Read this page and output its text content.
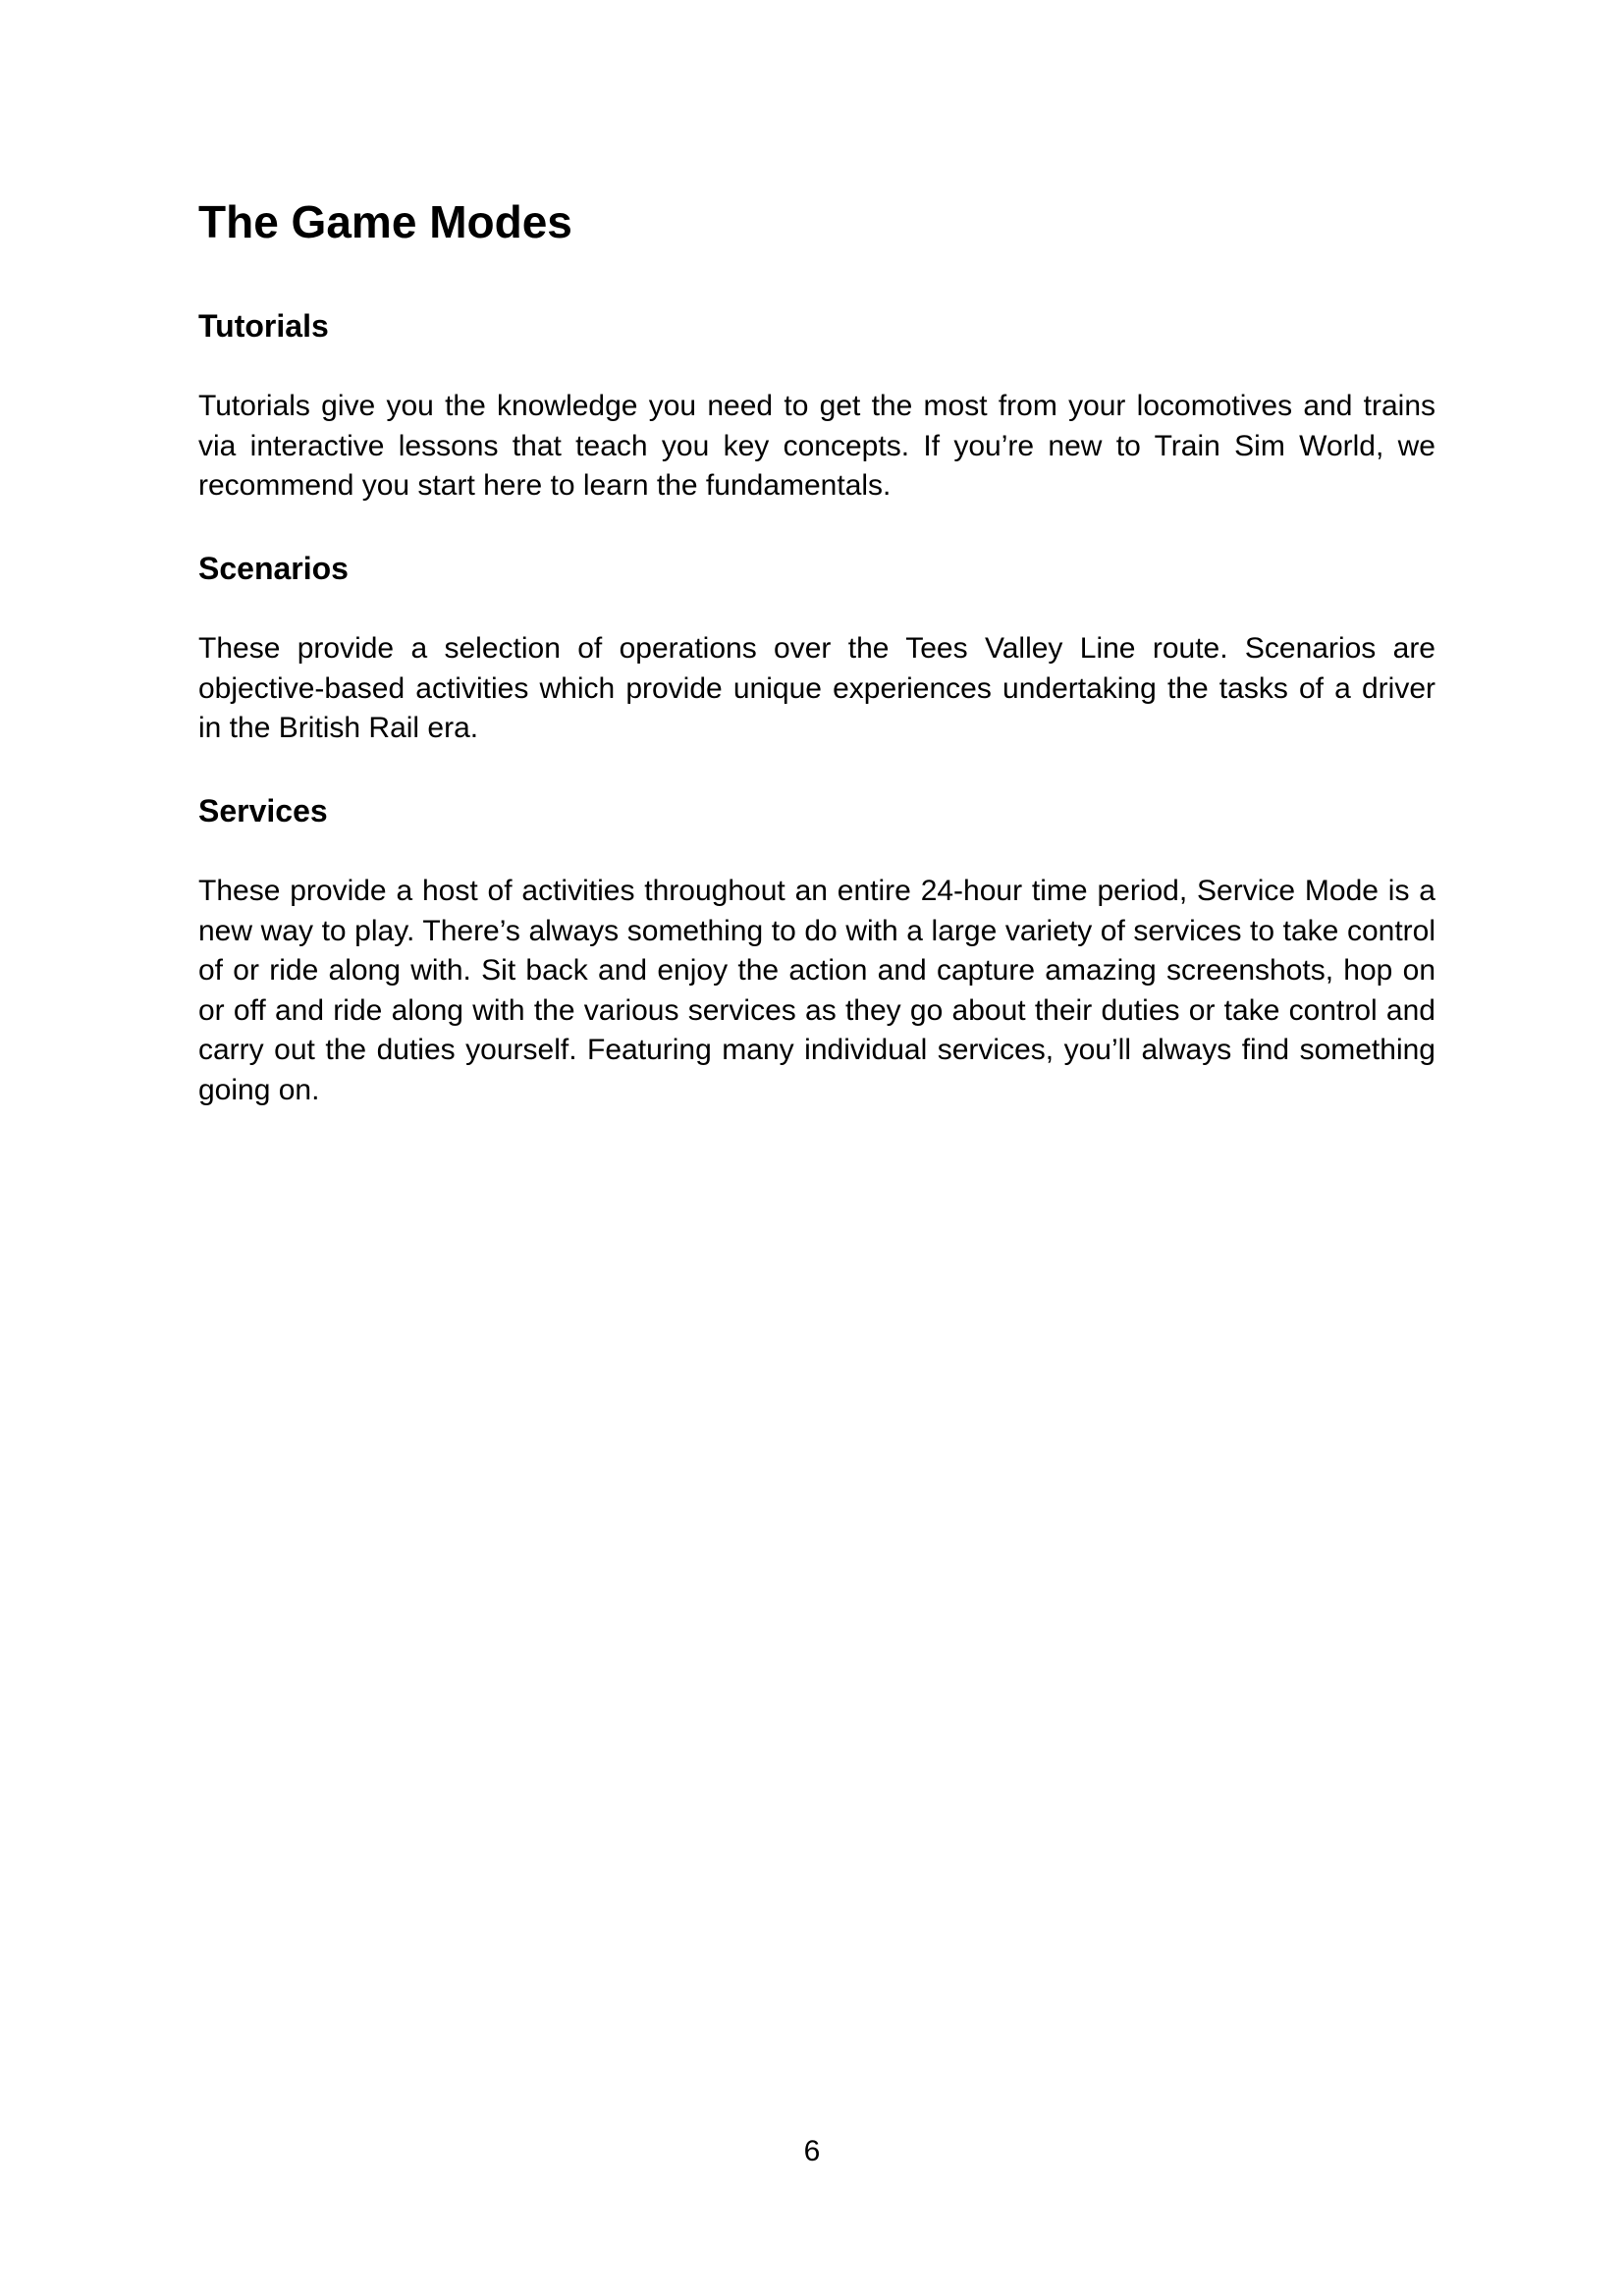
The Game Modes
Tutorials

Tutorials give you the knowledge you need to get the most from your locomotives and trains via interactive lessons that teach you key concepts. If you’re new to Train Sim World, we recommend you start here to learn the fundamentals.

Scenarios

These provide a selection of operations over the Tees Valley Line route. Scenarios are objective-based activities which provide unique experiences undertaking the tasks of a driver in the British Rail era.

Services

These provide a host of activities throughout an entire 24-hour time period, Service Mode is a new way to play. There’s always something to do with a large variety of services to take control of or ride along with. Sit back and enjoy the action and capture amazing screenshots, hop on or off and ride along with the various services as they go about their duties or take control and carry out the duties yourself. Featuring many individual services, you’ll always find something going on.

6
